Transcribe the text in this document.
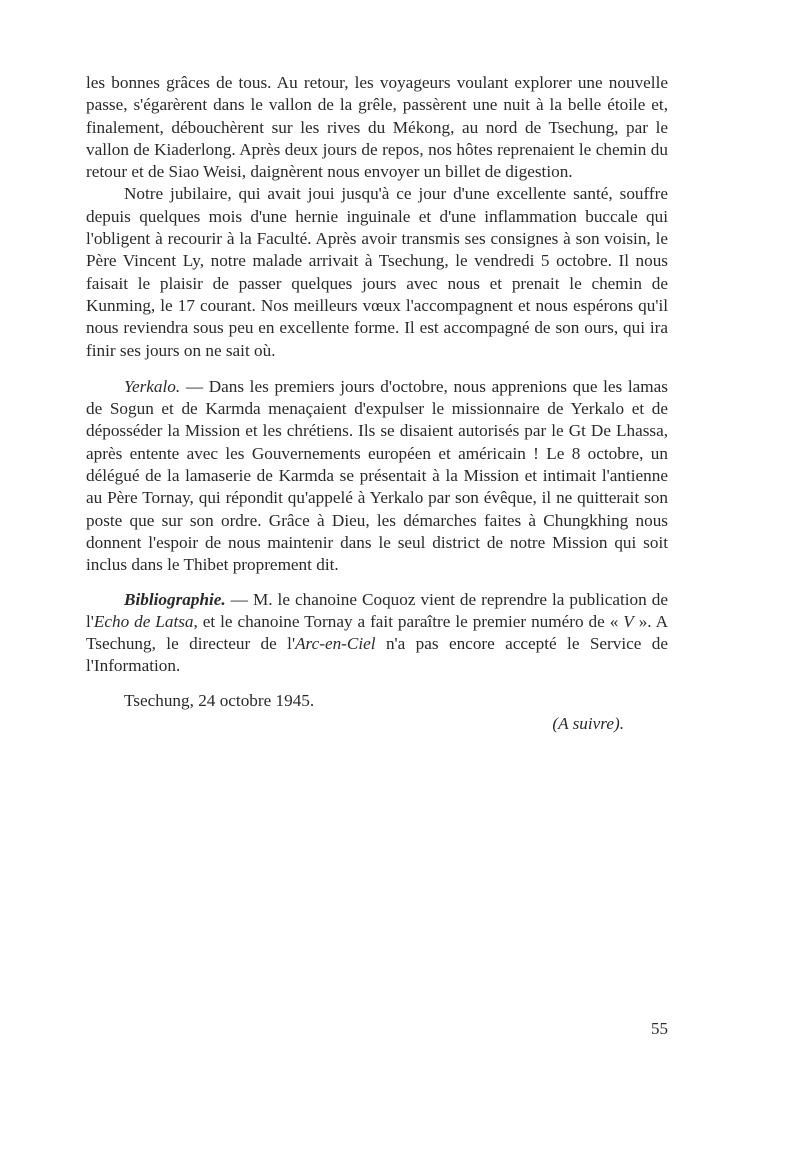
les bonnes grâces de tous. Au retour, les voyageurs voulant explorer une nouvelle passe, s'égarèrent dans le vallon de la grêle, passèrent une nuit à la belle étoile et, finalement, débouchèrent sur les rives du Mékong, au nord de Tsechung, par le vallon de Kiaderlong. Après deux jours de repos, nos hôtes reprenaient le chemin du retour et de Siao Weisi, daignèrent nous envoyer un billet de digestion.

Notre jubilaire, qui avait joui jusqu'à ce jour d'une excellente santé, souffre depuis quelques mois d'une hernie inguinale et d'une inflammation buccale qui l'obligent à recourir à la Faculté. Après avoir transmis ses consignes à son voisin, le Père Vincent Ly, notre malade arrivait à Tsechung, le vendredi 5 octobre. Il nous faisait le plaisir de passer quelques jours avec nous et prenait le chemin de Kunming, le 17 courant. Nos meilleurs vœux l'accompagnent et nous espérons qu'il nous reviendra sous peu en excellente forme. Il est accompagné de son ours, qui ira finir ses jours on ne sait où.

Yerkalo. — Dans les premiers jours d'octobre, nous apprenions que les lamas de Sogun et de Karmda menaçaient d'expulser le missionnaire de Yerkalo et de déposséder la Mission et les chrétiens. Ils se disaient autorisés par le Gt De Lhassa, après entente avec les Gouvernements européen et américain ! Le 8 octobre, un délégué de la lamaserie de Karmda se présentait à la Mission et intimait l'antienne au Père Tornay, qui répondit qu'appelé à Yerkalo par son évêque, il ne quitterait son poste que sur son ordre. Grâce à Dieu, les démarches faites à Chungkhing nous donnent l'espoir de nous maintenir dans le seul district de notre Mission qui soit inclus dans le Thibet proprement dit.

Bibliographie. — M. le chanoine Coquoz vient de reprendre la publication de l'Echo de Latsa, et le chanoine Tornay a fait paraître le premier numéro de « V ». A Tsechung, le directeur de l'Arc-en-Ciel n'a pas encore accepté le Service de l'Information.

Tsechung, 24 octobre 1945.

(A suivre).
55
